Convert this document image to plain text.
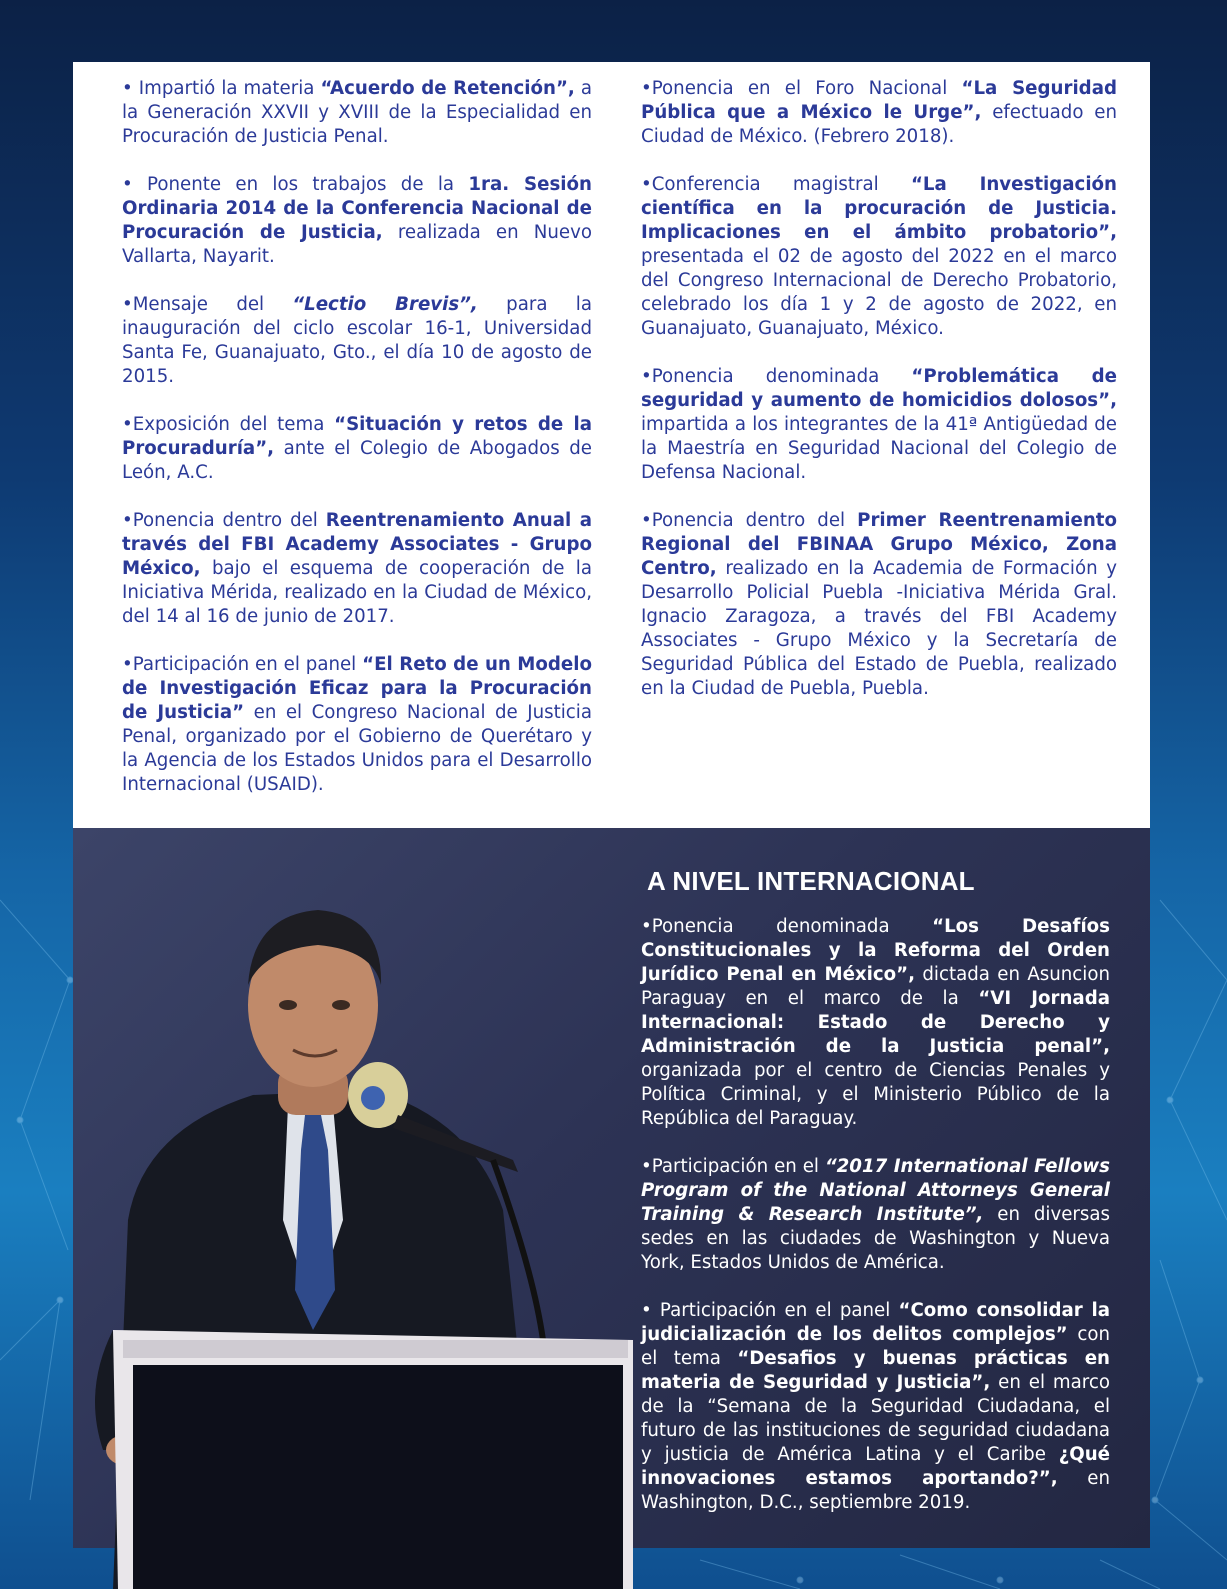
• Impartió la materia “Acuerdo de Retención”, a la Generación XXVII y XVIII de la Especialidad en Procuración de Justicia Penal.

• Ponente en los trabajos de la 1ra. Sesión Ordinaria 2014 de la Conferencia Nacional de Procuración de Justicia, realizada en Nuevo Vallarta, Nayarit.

•Mensaje del “Lectio Brevis”, para la inauguración del ciclo escolar 16-1, Universidad Santa Fe, Guanajuato, Gto., el día 10 de agosto de 2015.

•Exposición del tema “Situación y retos de la Procuraduría”, ante el Colegio de Abogados de León, A.C.

•Ponencia dentro del Reentrenamiento Anual a través del FBI Academy Associates - Grupo México, bajo el esquema de cooperación de la Iniciativa Mérida, realizado en la Ciudad de México, del 14 al 16 de junio de 2017.

•Participación en el panel “El Reto de un Modelo de Investigación Eficaz para la Procuración de Justicia” en el Congreso Nacional de Justicia Penal, organizado por el Gobierno de Querétaro y la Agencia de los Estados Unidos para el Desarrollo Internacional (USAID).

•Ponencia en el Foro Nacional “La Seguridad Pública que a México le Urge”, efectuado en Ciudad de México. (Febrero 2018).

•Conferencia magistral “La Investigación científica en la procuración de Justicia. Implicaciones en el ámbito probatorio”, presentada el 02 de agosto del 2022 en el marco del Congreso Internacional de Derecho Probatorio, celebrado los día 1 y 2 de agosto de 2022, en Guanajuato, Guanajuato, México.

•Ponencia denominada “Problemática de seguridad y aumento de homicidios dolosos”, impartida a los integrantes de la 41ª Antigüedad de la Maestría en Seguridad Nacional del Colegio de Defensa Nacional.

•Ponencia dentro del Primer Reentrenamiento Regional del FBINAA Grupo México, Zona Centro, realizado en la Academia de Formación y Desarrollo Policial Puebla -Iniciativa Mérida Gral. Ignacio Zaragoza, a través del FBI Academy Associates - Grupo México y la Secretaría de Seguridad Pública del Estado de Puebla, realizado en la Ciudad de Puebla, Puebla.

A NIVEL INTERNACIONAL

•Ponencia denominada “Los Desafíos Constitucionales y la Reforma del Orden Jurídico Penal en México”, dictada en Asuncion Paraguay en el marco de la “VI Jornada Internacional: Estado de Derecho y Administración de la Justicia penal”, organizada por el centro de Ciencias Penales y Política Criminal, y el Ministerio Público de la República del Paraguay.

•Participación en el “2017 International Fellows Program of the National Attorneys General Training & Research Institute”, en diversas sedes en las ciudades de Washington y Nueva York, Estados Unidos de América.

• Participación en el panel “Como consolidar la judicialización de los delitos complejos” con el tema “Desafios y buenas prácticas en materia de Seguridad y Justicia”, en el marco de la “Semana de la Seguridad Ciudadana, el futuro de las instituciones de seguridad ciudadana y justicia de América Latina y el Caribe ¿Qué innovaciones estamos aportando?”, en Washington, D.C., septiembre 2019.
